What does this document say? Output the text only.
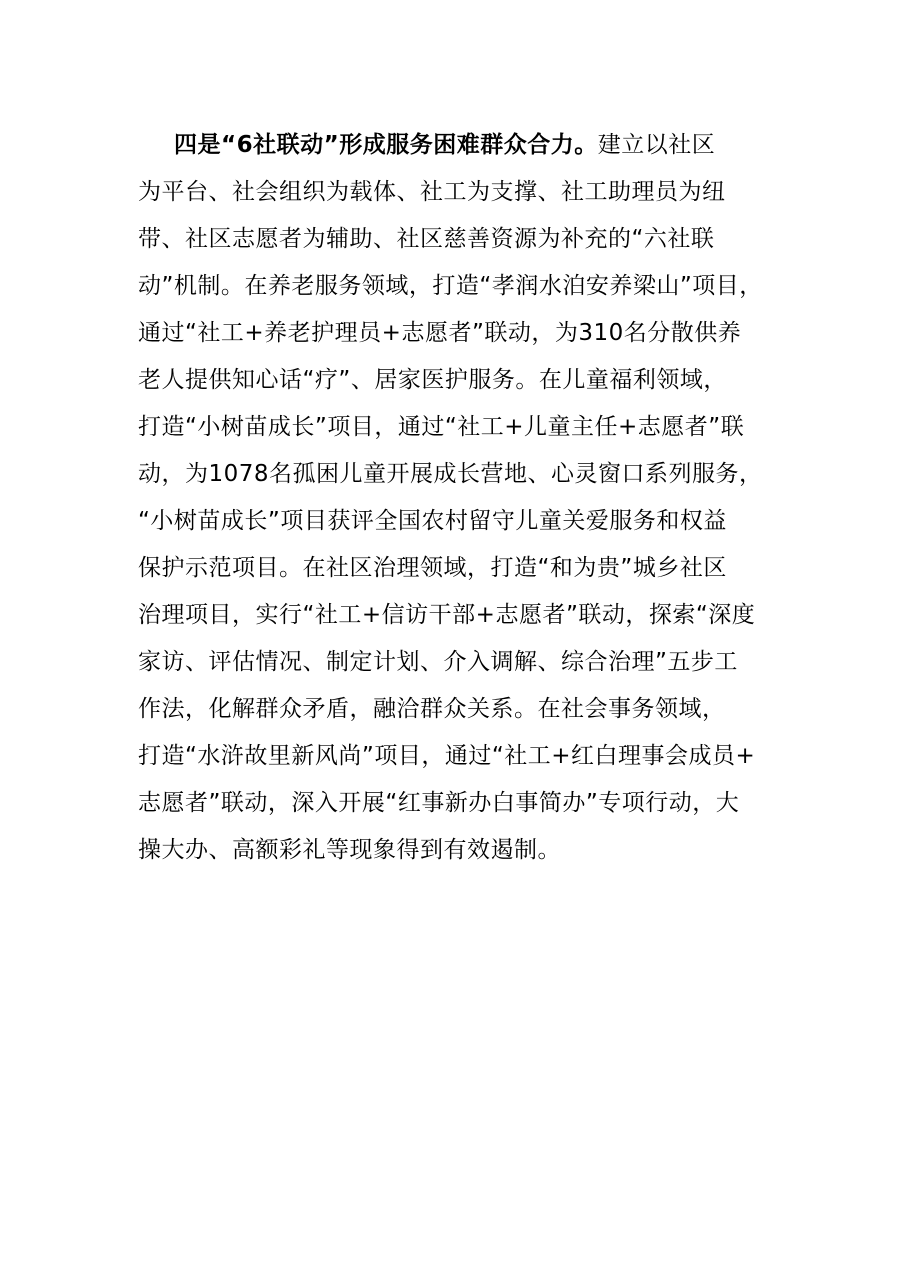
四是“6社联动”形成服务困难群众合力。建立以社区
为平台、社会组织为载体、社工为支撑、社工助理员为纽
带、社区志愿者为辅助、社区慈善资源为补充的“六社联
动”机制。在养老服务领域，打造“孝润水泊安养梁山”项目，
通过“社工+养老护理员+志愿者”联动，为310名分散供养
老人提供知心话“疗”、居家医护服务。在儿童福利领域，
打造“小树苗成长”项目，通过“社工+儿童主任+志愿者”联
动，为1078名孤困儿童开展成长营地、心灵窗口系列服务，
“小树苗成长”项目获评全国农村留守儿童关爱服务和权益
保护示范项目。在社区治理领域，打造“和为贵”城乡社区
治理项目，实行“社工+信访干部+志愿者”联动，探索“深度
家访、评估情况、制定计划、介入调解、综合治理”五步工
作法，化解群众矛盾，融洽群众关系。在社会事务领域，
打造“水浒故里新风尚”项目，通过“社工+红白理事会成员+
志愿者”联动，深入开展“红事新办白事简办”专项行动，大
操大办、高额彩礼等现象得到有效遏制。
